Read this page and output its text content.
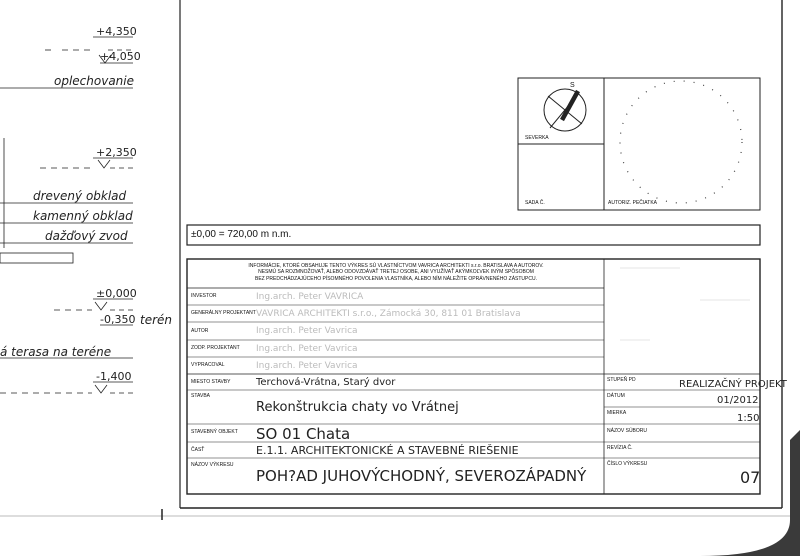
+4,350
+4,050
oplechovanie
+2,350
drevený obklad
kamenný obklad
dažďový zvod
±0,000
-0,350 terén
á terasa na teréne
-1,400
SEVERKA
S
SADA Č.	AUTORIZ. PEČIATKA
±0,00 = 720,00 m n.m.
INFORMÁCIE, KTORÉ OBSAHUJE TENTO VÝKRES SÚ VLASTNÍCTVOM VAVRICA ARCHITEKTI s.r.o. BRATISLAVA A AUTOROV.
NESMÚ SA ROZMNOŽOVAŤ, ALEBO ODOVZDÁVAŤ TRETEJ OSOBE, ANI VYUŽÍVAŤ AKÝMKOĽVEK INÝM SPÔSOBOM
BEZ PREDCHÁDZAJÚCEHO PÍSOMNÉHO POVOLENIA VLASTNÍKA, ALEBO NÍM NÁLEŽITE OPRÁVNENÉHO ZÁSTUPCU.
INVESTOR	Ing.arch. Peter VAVRICA
GENERÁLNY PROJEKTANT VAVRICA ARCHITEKTI s.r.o., Zámocká 30, 811 01 Bratislava
AUTOR	Ing.arch. Peter Vavrica
ZODP. PROJEKTANT Ing.arch. Peter Vavrica
VYPRACOVAL	Ing.arch. Peter Vavrica
MIESTO STAVBY	Terchová-Vrátna, Starý dvor
STAVBA
Rekonštrukcia chaty vo Vrátnej
STAVEBNÝ OBJEKT SO 01 Chata
ČASŤ	E.1.1. ARCHITEKTONICKÉ A STAVEBNÉ RIEŠENIE
NÁZOV VÝKRESU
POH?AD JUHOVÝCHODNÝ, SEVEROZÁPADNÝ
STUPEŇ PD	REALIZAČNÝ PROJEKT
DÁTUM	01/2012
MIERKA	1:50
NÁZOV SÚBORU
REVÍZIA Č.
ČÍSLO VÝKRESU
07
